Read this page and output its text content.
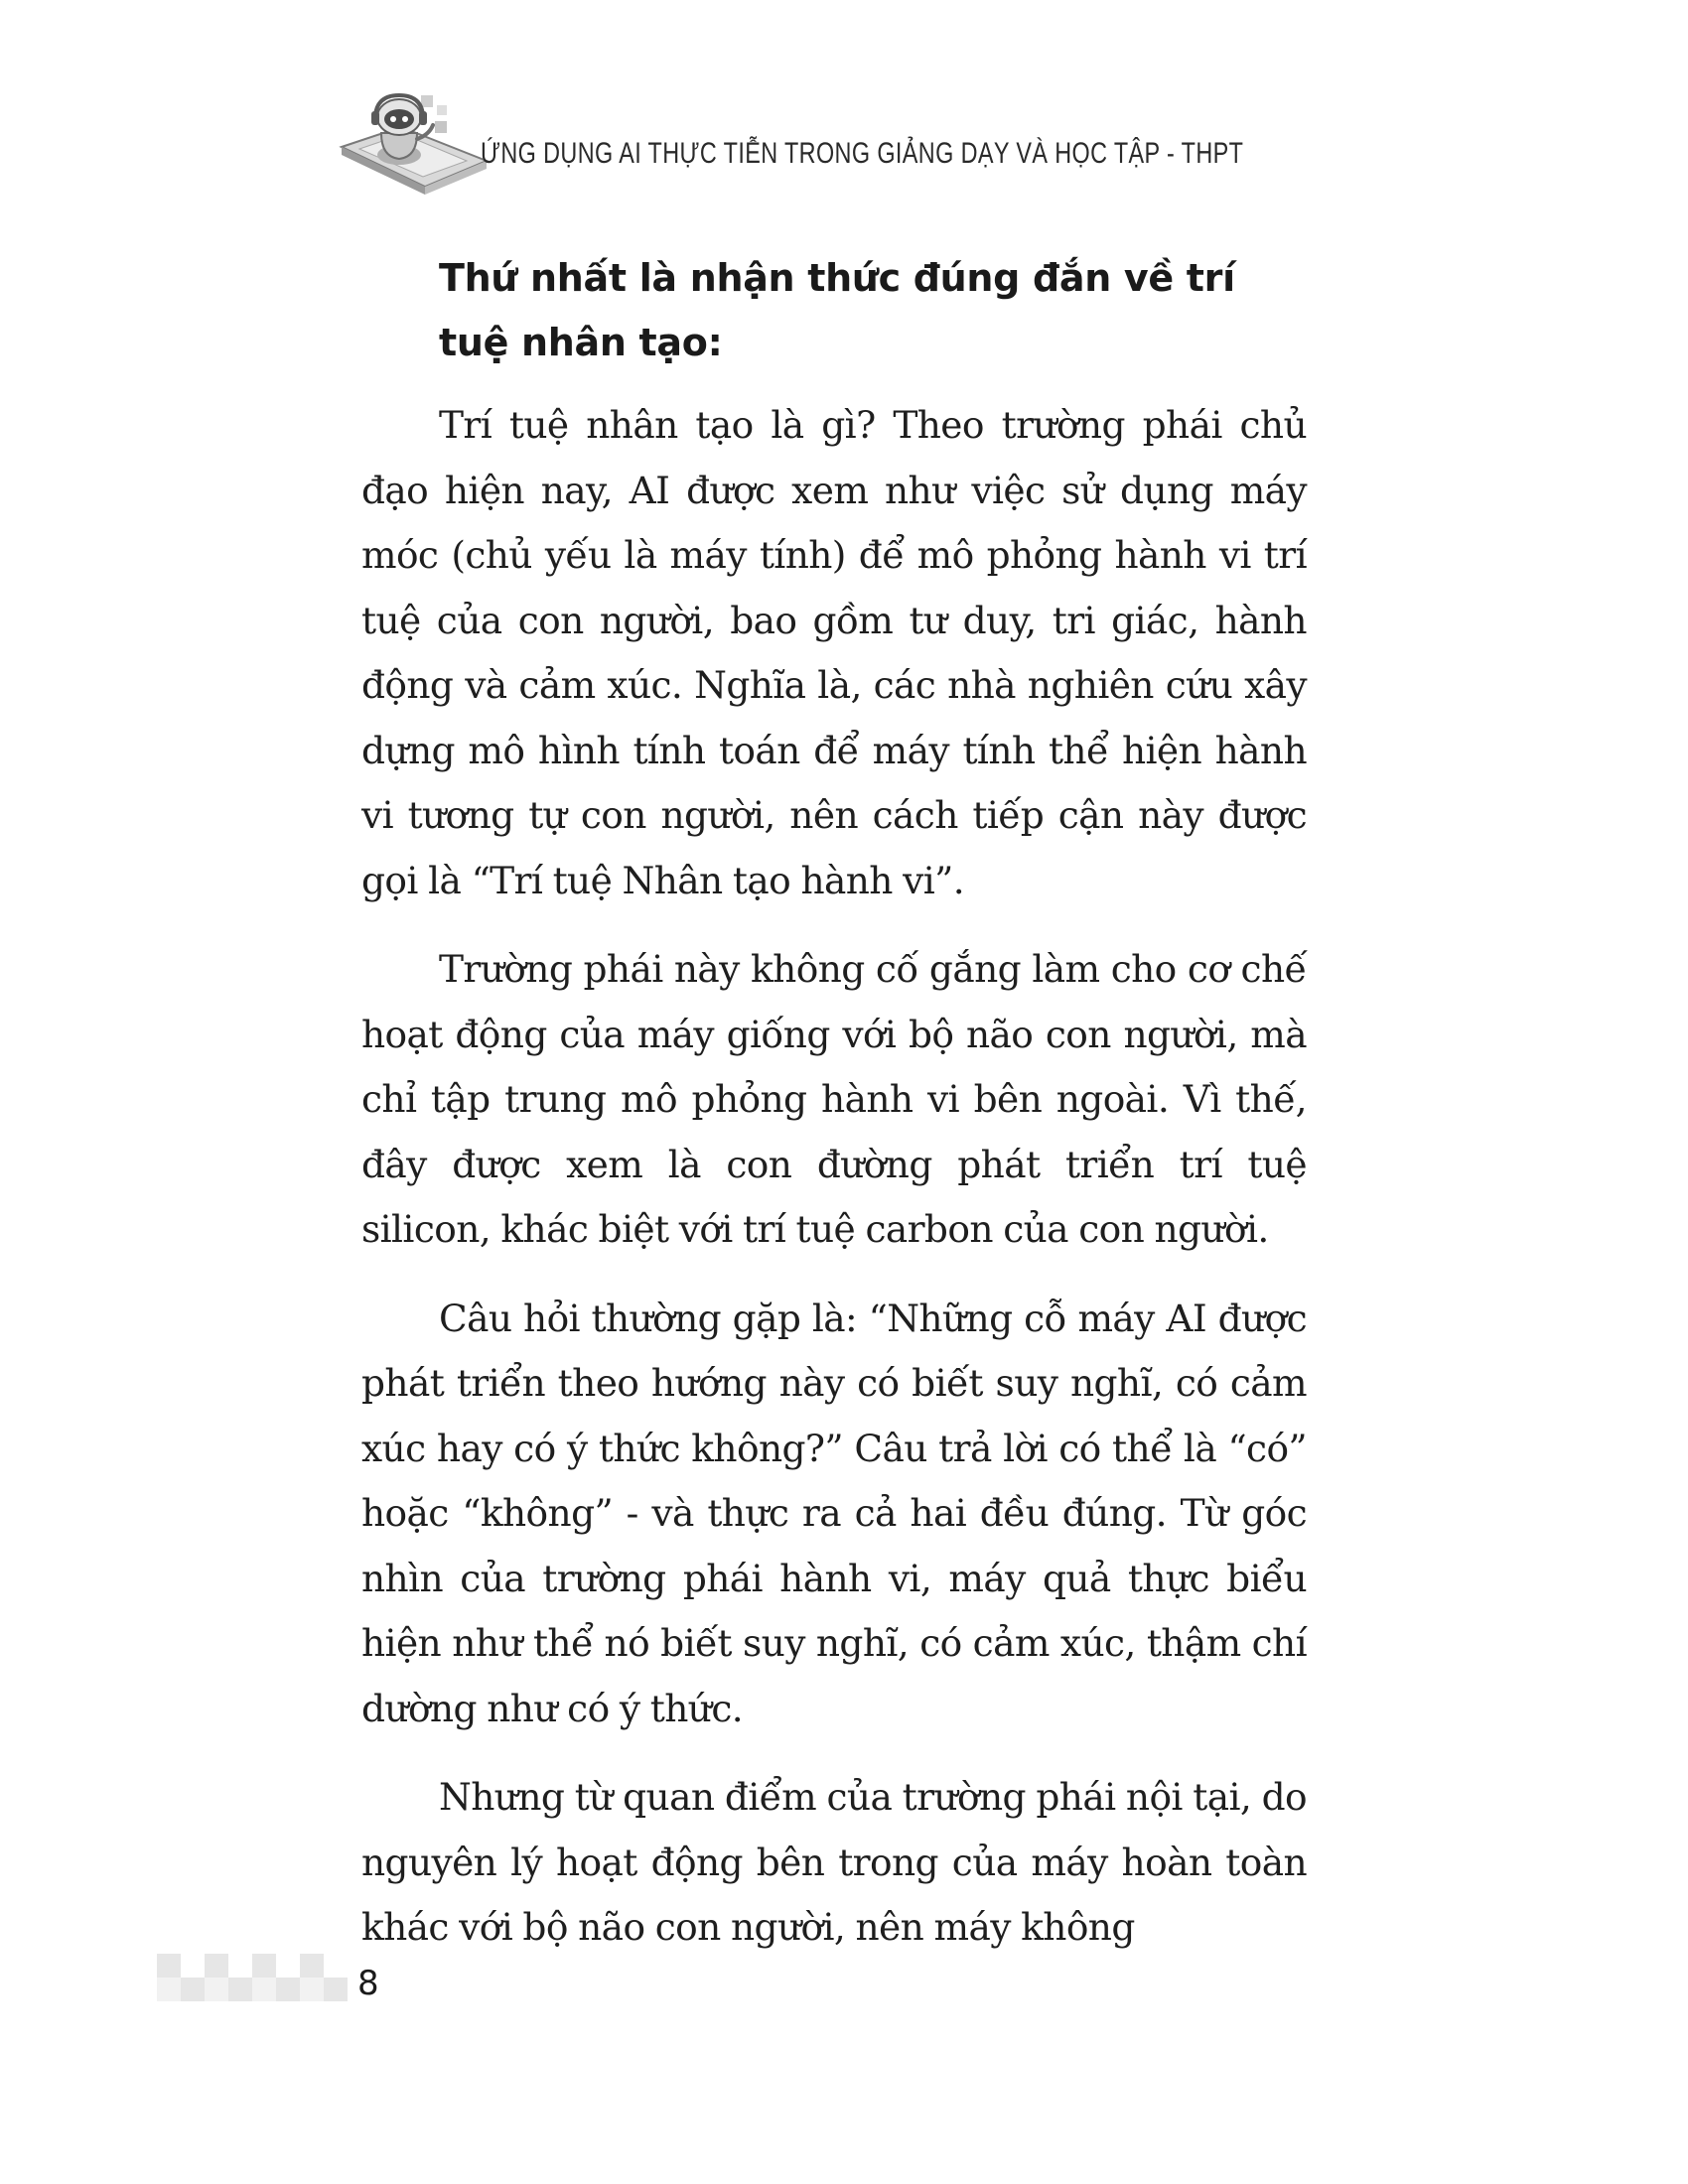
ỨNG DỤNG AI THỰC TIỄN TRONG GIẢNG DẠY VÀ HỌC TẬP - THPT
Thứ nhất là nhận thức đúng đắn về trí tuệ nhân tạo:

Trí tuệ nhân tạo là gì? Theo trường phái chủ đạo hiện nay, AI được xem như việc sử dụng máy móc (chủ yếu là máy tính) để mô phỏng hành vi trí tuệ của con người, bao gồm tư duy, tri giác, hành động và cảm xúc. Nghĩa là, các nhà nghiên cứu xây dựng mô hình tính toán để máy tính thể hiện hành vi tương tự con người, nên cách tiếp cận này được gọi là “Trí tuệ Nhân tạo hành vi”.

Trường phái này không cố gắng làm cho cơ chế hoạt động của máy giống với bộ não con người, mà chỉ tập trung mô phỏng hành vi bên ngoài. Vì thế, đây được xem là con đường phát triển trí tuệ silicon, khác biệt với trí tuệ carbon của con người.

Câu hỏi thường gặp là: “Những cỗ máy AI được phát triển theo hướng này có biết suy nghĩ, có cảm xúc hay có ý thức không?” Câu trả lời có thể là “có” hoặc “không” - và thực ra cả hai đều đúng. Từ góc nhìn của trường phái hành vi, máy quả thực biểu hiện như thể nó biết suy nghĩ, có cảm xúc, thậm chí dường như có ý thức.

Nhưng từ quan điểm của trường phái nội tại, do nguyên lý hoạt động bên trong của máy hoàn toàn khác với bộ não con người, nên máy không

8
